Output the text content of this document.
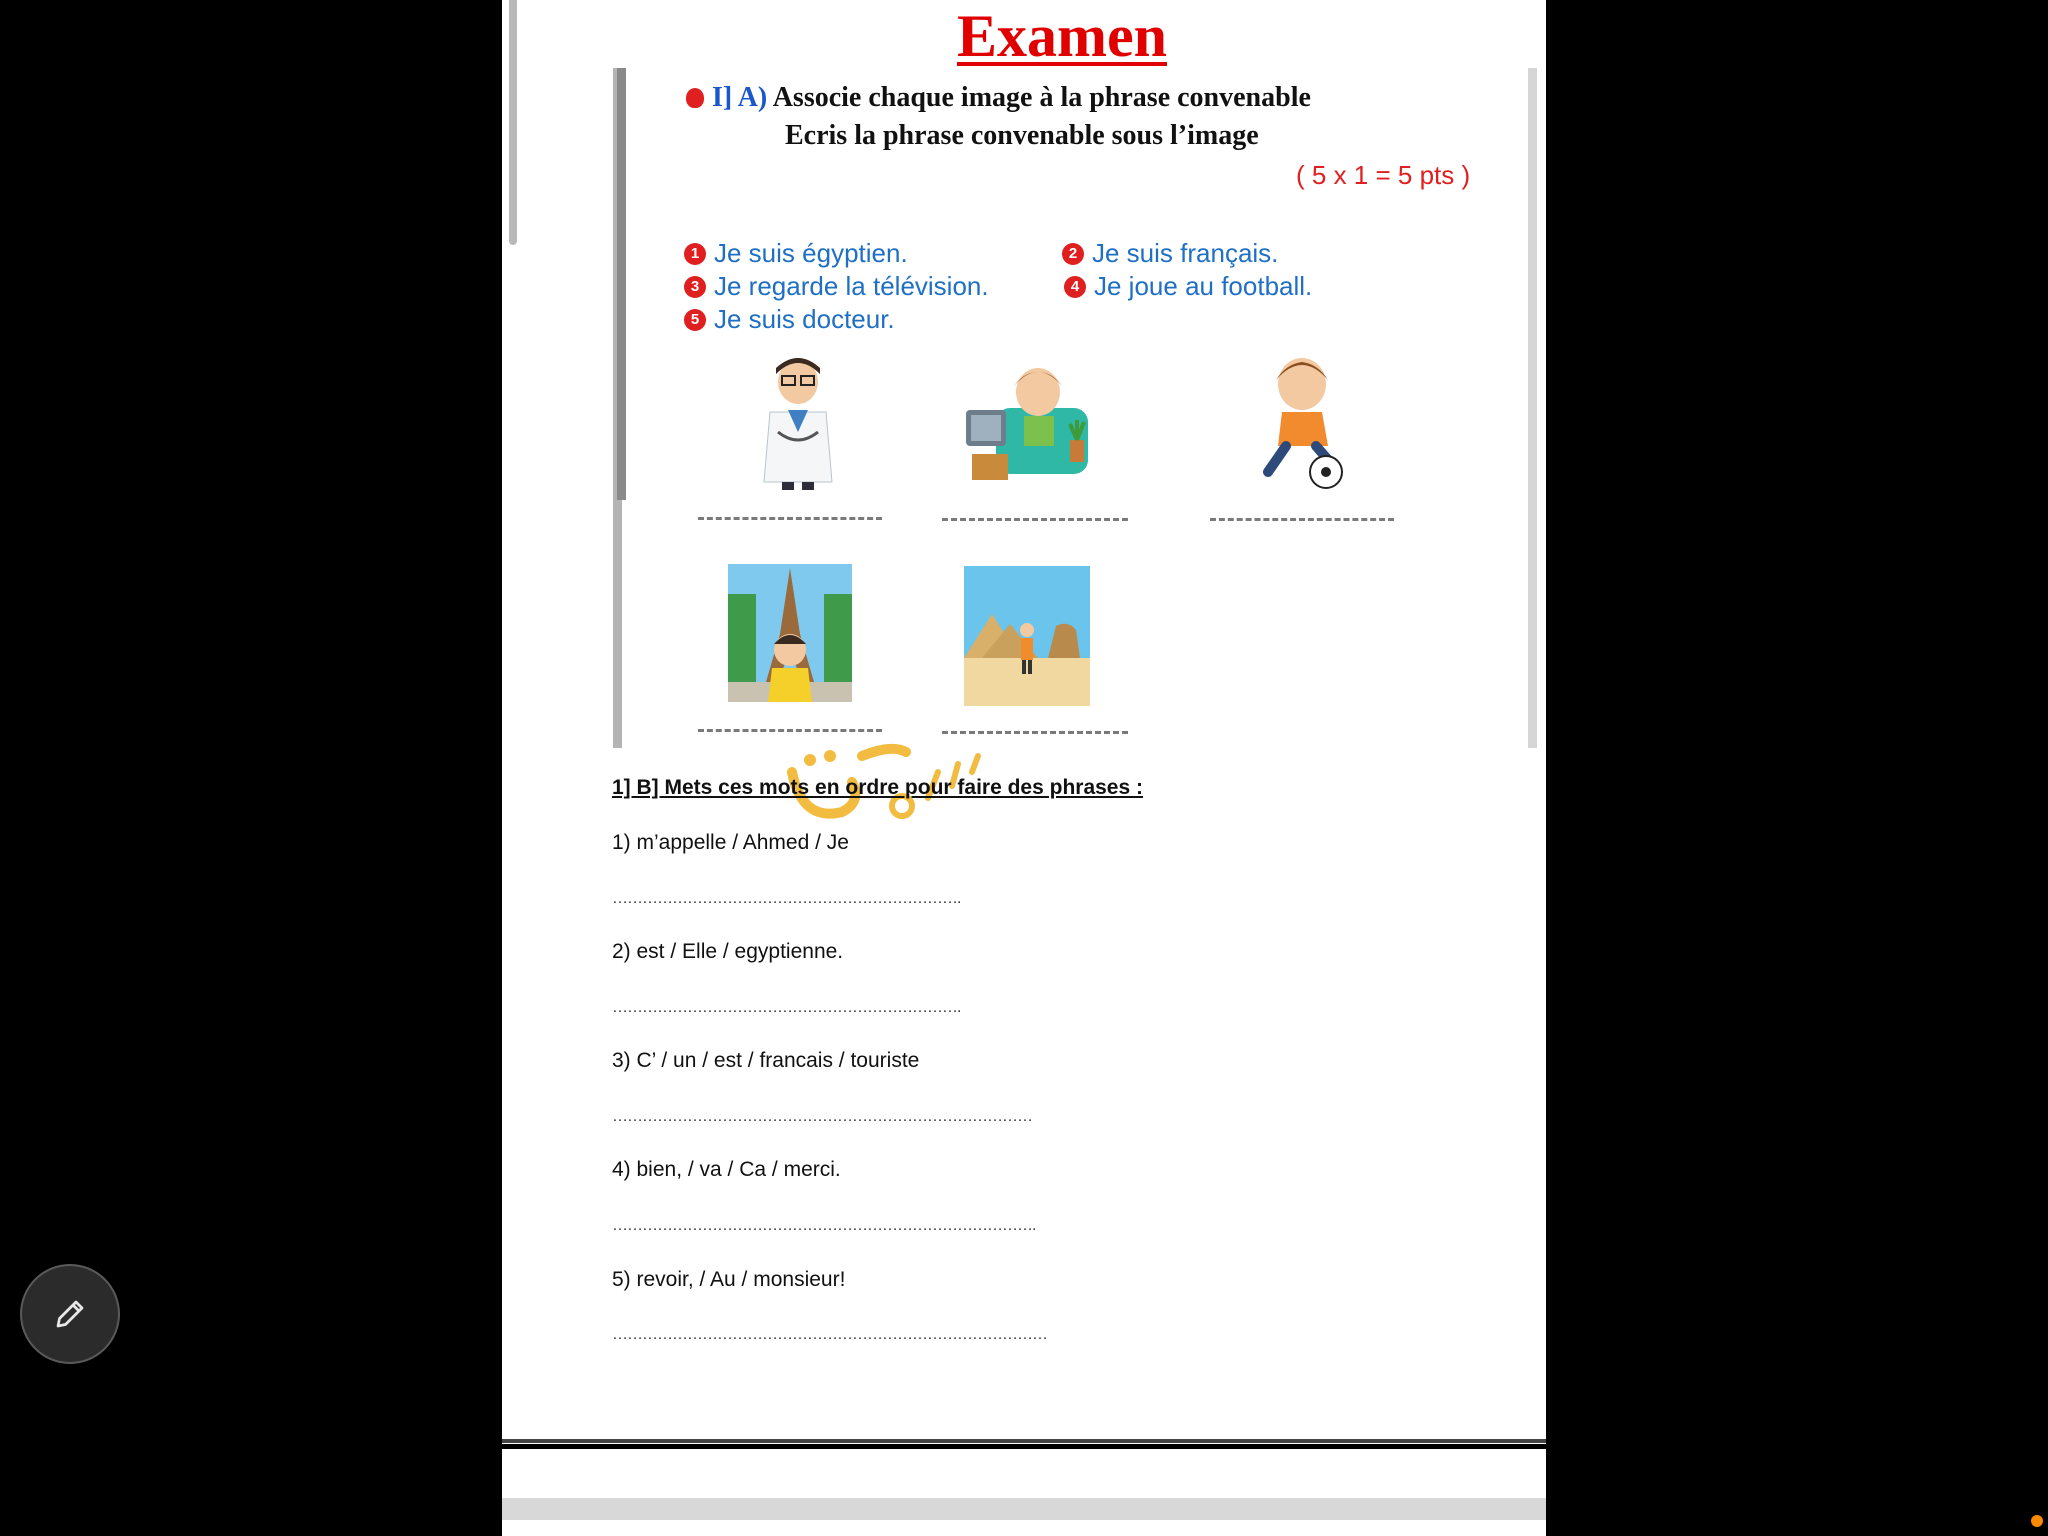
Examen
I] A) Associe chaque image à la phrase convenable
Ecris la phrase convenable sous l’image
( 5 x 1 = 5 pts )
1 Je suis égyptien.	2 Je suis français.
3 Je regarde la télévision.	4 Je joue au football.
5 Je suis docteur.
1] B] Mets ces mots en ordre pour faire des phrases :
1) m’appelle / Ahmed / Je
…………………………………………………………….
2) est / Elle / egyptienne.
…………………………………………………………….
3) C’ / un / est / francais / touriste
…………………………………………………………………………
4) bien, / va / Ca / merci.
………………………………………………………………………….
5) revoir, / Au / monsieur!
……………………………………………………………………………
